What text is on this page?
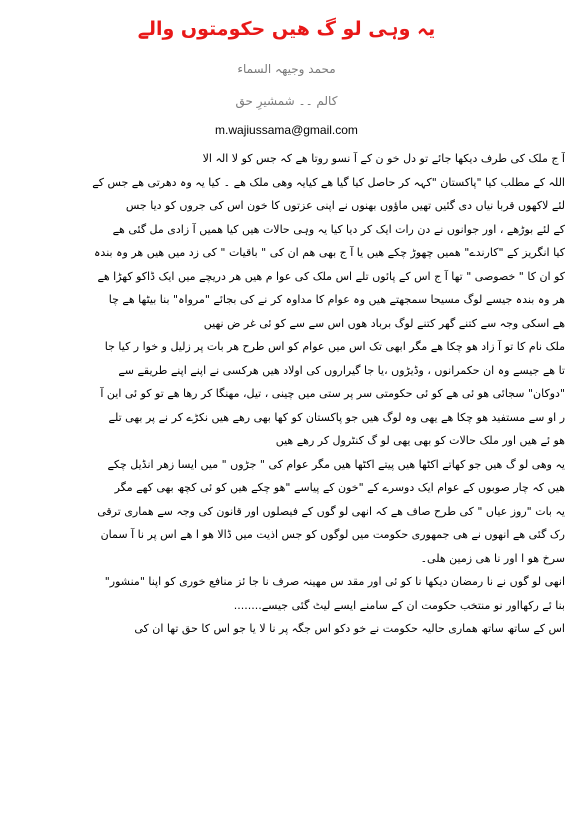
یہ وہی لو گ ھیں حکومتوں والے
محمد وجیھہ السماء
کالم ۔۔ شمشیرِ حق
m.wajiussama@gmail.com
آ ج ملک کی طرف دیکھا جائے تو دل خو ن کے آ نسو روتا ھے کہ جس کو لا الہ الا
اللہ کے مطلب کیا "پاکستان "کہہ کر حاصل کیا گیا ھے کیایہ وھی ملک ھے ۔ کیا یہ وہ دھرتی ھے جس کے
لئے لاکھوں قربا نیاں دی گئیں تھیں ماؤوں بھنوں نے اپنی عزتوں کا خون اس کی جروں کو دیا جس
کے لئے بوڑھے ، اور جوانوں نے دن رات ایک کر دیا کیا یہ وہی حالات ھیں کیا ھمیں آ زادی مل گئی ھے
کیا انگریز کے "کارندے" ھمیں چھوڑ چکے ھیں یا آ ج بھی ھم ان کی " باقیات " کی زد میں ھیں ھر وہ بندہ
کو ان کا " خصوصی " تھا آ ج اس کے پائوں تلے اس ملک کی عوا م ھیں ھر دریچے میں ایک ڈاکو کھڑا ھے
ھر وہ بندہ جیسے لوگ مسیحا سمجھتے ھیں وہ عوام کا مداوہ کر نے کی بجائے "مرواہ" بنا بیٹھا ھے چا
ھے اسکی وجہ سے کتنے گھر کتنے لوگ برباد ھوں اس سے سے کو ئی غر ض نھیں
ملک نام کا تو آ زاد ھو چکا ھے مگر ابھی تک اس میں عوام کو اس طرح ھر بات پر زلیل و خوا ر کیا جا
تا ھے جیسے وہ ان حکمرانوں ، وڈیڑوں ،یا جا گیراروں کی اولاد ھیں ھرکسی نے اپنے اپنے طریقے سے
"دوکان" سجائی ھو ئی ھے کو ئی حکومتی سر پر ستی میں چینی ، تیل، مھنگا کر رھا ھے تو کو ئی این آ
ر او سے مستفید ھو چکا ھے یھی وہ لوگ ھیں جو پاکستان کو کھا بھی رھے ھیں نکڑے کر نے پر بھی تلے
ھو ئے ھیں اور ملک حالات کو بھی یھی لو گ کنٹرول کر رھے ھیں
یہ وھی لو گ ھیں جو کھاتے اکٹھا ھیں پیتے اکٹھا ھیں مگر عوام کی " جڑوں " میں ایسا زھر انڈیل چکے
ھیں کہ چار صوبوں کے عوام ایک دوسرے کے "خون کے پیاسے "ھو چکے ھیں کو ئی کچھ بھی کھے مگر
یہ بات "روز عیاں " کی طرح صاف ھے کہ انھی لو گوں کے فیصلوں اور قانون کی وجہ سے ھماری ترقی
رک گئی ھے انھوں نے ھی جمھوری حکومت میں لوگوں کو جس اذیت میں ڈالا ھو ا ھے اس پر نا آ سمان
سرخ ھو ا اور نا ھی زمین ھلی۔
انھی لو گوں نے نا رمضان دیکھا نا کو ئی اور مقد س مھینہ صرف نا جا ئز منافع خوری کو اپنا "منشور"
بنا ئے رکھااور نو منتخب حکومت ان کے سامنے ایسے لیٹ گئی جیسے........
اس کے ساتھ ساتھ ھماری حالیہ حکومت نے خو دکو اس جگہ پر نا لا یا جو اس کا حق تھا ان کی
